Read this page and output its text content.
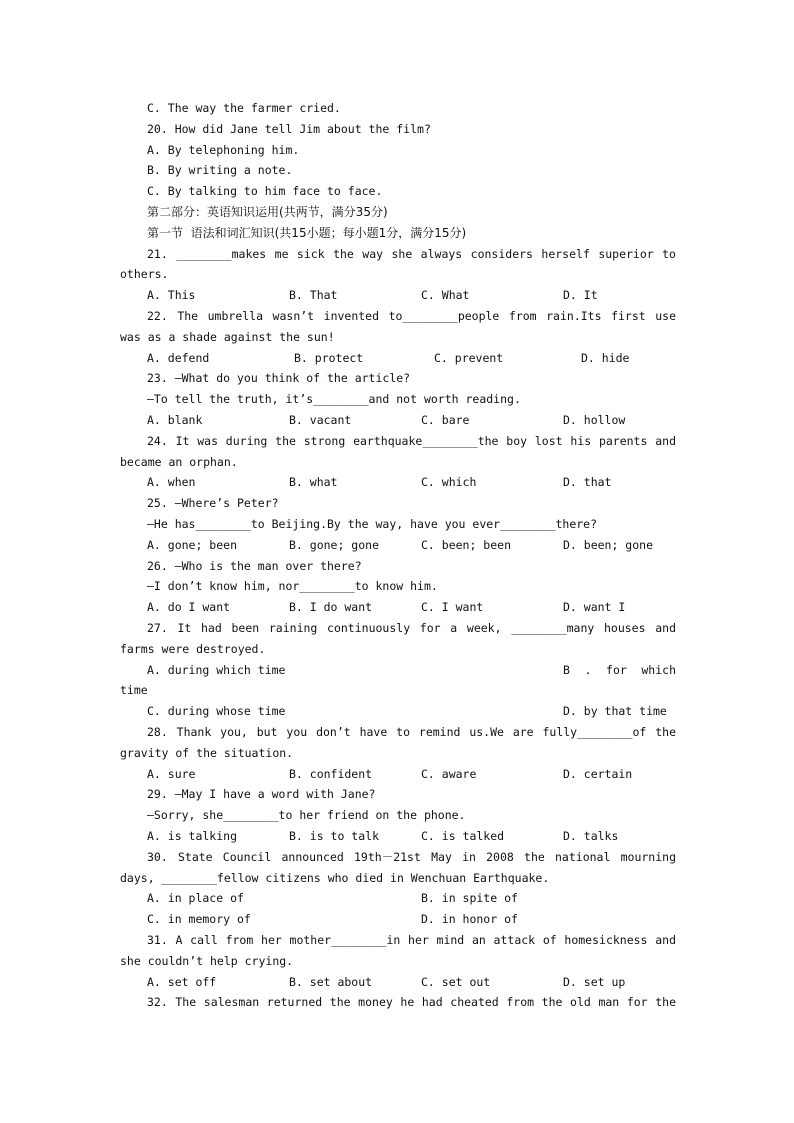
C. The way the farmer cried.
20. How did Jane tell Jim about the film?
A. By telephoning him.
B. By writing a note.
C. By talking to him face to face.
第二部分：英语知识运用(共两节，满分35分)
第一节  语法和词汇知识(共15小题；每小题1分，满分15分)
21. ________makes me sick the way she always considers herself superior to
others.
A. This	B. That	C. What	D. It
22. The umbrella wasn’t invented to________people from rain.Its first use
was as a shade against the sun!
A. defend	B. protect	C. prevent	D. hide
23. —What do you think of the article?
—To tell the truth, it’s________and not worth reading.
A. blank	B. vacant	C. bare	D. hollow
24. It was during the strong earthquake________the boy lost his parents and
became an orphan.
A. when	B. what	C. which	D. that
25. —Where’s Peter?
—He has________to Beijing.By the way, have you ever________there?
A. gone; been	B. gone; gone	C. been; been	D. been; gone
26. —Who is the man over there?
—I don’t know him, nor________to know him.
A. do I want	B. I do want	C. I want	D. want I
27. It had been raining continuously for a week, ________many houses and
farms were destroyed.
A. during which time	B . for which
time
C. during whose time	D. by that time
28. Thank you, but you don’t have to remind us.We are fully________of the
gravity of the situation.
A. sure	B. confident	C. aware	D. certain
29. —May I have a word with Jane?
—Sorry, she________to her friend on the phone.
A. is talking	B. is to talk	C. is talked	D. talks
30. State Council announced 19th－21st May in 2008 the national mourning
days, ________fellow citizens who died in Wenchuan Earthquake.
A. in place of	B. in spite of
C. in memory of	D. in honor of
31. A call from her mother________in her mind an attack of homesickness and
she couldn’t help crying.
A. set off	B. set about	C. set out	D. set up
32. The salesman returned the money he had cheated from the old man for the
